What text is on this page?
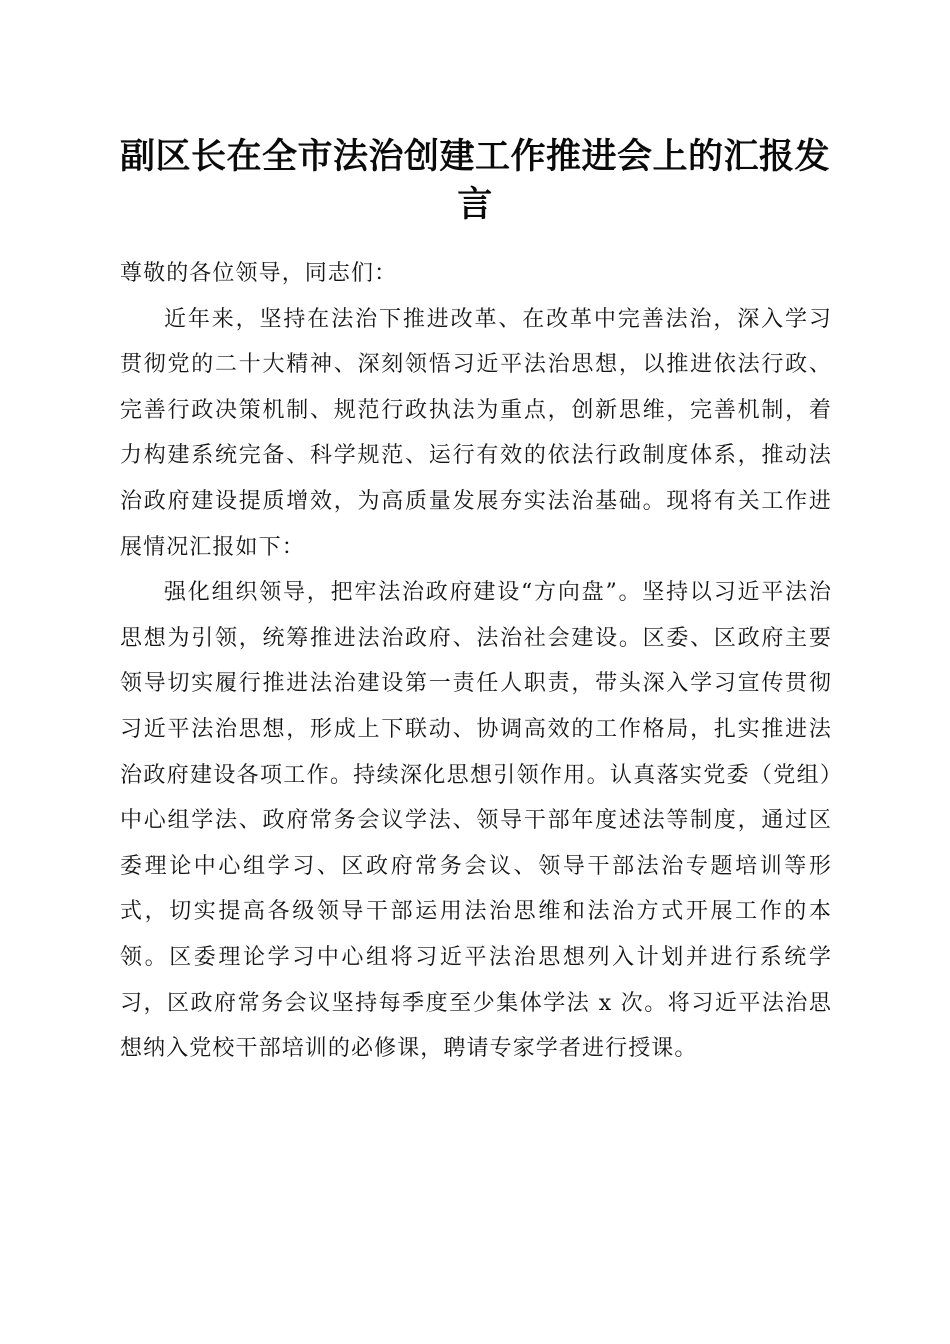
副区长在全市法治创建工作推进会上的汇报发言

尊敬的各位领导，同志们：

近年来，坚持在法治下推进改革、在改革中完善法治，深入学习贯彻党的二十大精神、深刻领悟习近平法治思想，以推进依法行政、完善行政决策机制、规范行政执法为重点，创新思维，完善机制，着力构建系统完备、科学规范、运行有效的依法行政制度体系，推动法治政府建设提质增效，为高质量发展夯实法治基础。现将有关工作进展情况汇报如下：

强化组织领导，把牢法治政府建设“方向盘”。坚持以习近平法治思想为引领，统筹推进法治政府、法治社会建设。区委、区政府主要领导切实履行推进法治建设第一责任人职责，带头深入学习宣传贯彻习近平法治思想，形成上下联动、协调高效的工作格局，扎实推进法治政府建设各项工作。持续深化思想引领作用。认真落实党委（党组）中心组学法、政府常务会议学法、领导干部年度述法等制度，通过区委理论中心组学习、区政府常务会议、领导干部法治专题培训等形式，切实提高各级领导干部运用法治思维和法治方式开展工作的本领。区委理论学习中心组将习近平法治思想列入计划并进行系统学习，区政府常务会议坚持每季度至少集体学法 x 次。将习近平法治思想纳入党校干部培训的必修课，聘请专家学者进行授课。
